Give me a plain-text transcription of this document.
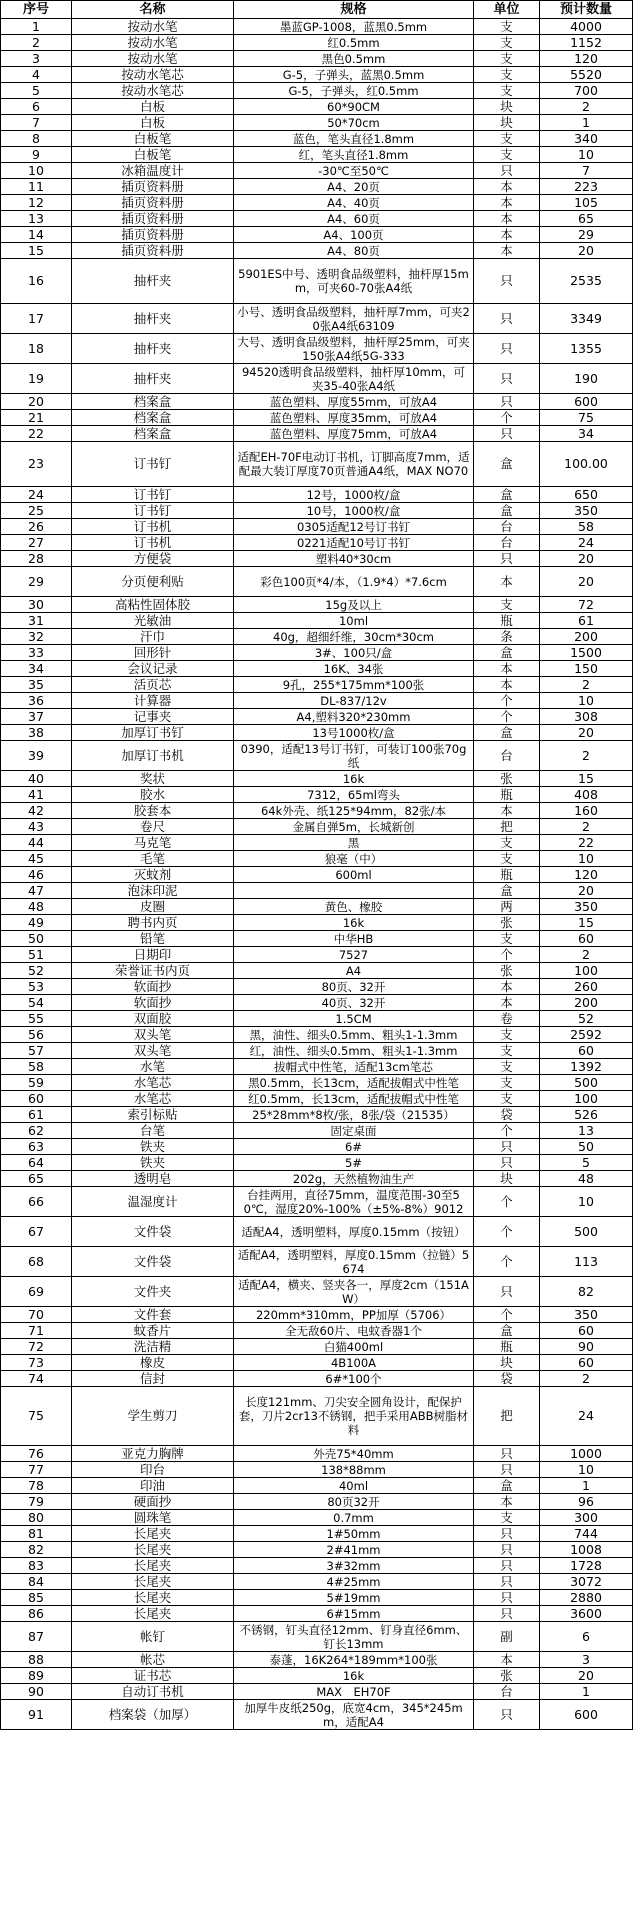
序号	名称	规格	单位	预计数量
1	按动水笔	墨蓝GP-1008，蓝黑0.5mm	支	4000
2	按动水笔	红0.5mm	支	1152
3	按动水笔	黑色0.5mm	支	120
4	按动水笔芯	G-5，子弹头，蓝黑0.5mm	支	5520
5	按动水笔芯	G-5，子弹头，红0.5mm	支	700
6	白板	60*90CM	块	2
7	白板	50*70cm	块	1
8	白板笔	蓝色，笔头直径1.8mm	支	340
9	白板笔	红，笔头直径1.8mm	支	10
10	冰箱温度计	-30℃至50℃	只	7
11	插页资料册	A4、20页	本	223
12	插页资料册	A4、40页	本	105
13	插页资料册	A4、60页	本	65
14	插页资料册	A4、100页	本	29
15	插页资料册	A4、80页	本	20
16	抽杆夹	5901ES中号、透明食品级塑料，抽杆厚15mm，可夹60-70张A4纸	只	2535
17	抽杆夹	小号、透明食品级塑料，抽杆厚7mm，可夹20张A4纸63109	只	3349
18	抽杆夹	大号、透明食品级塑料，抽杆厚25mm，可夹150张A4纸5G-333	只	1355
19	抽杆夹	94520透明食品级塑料，抽杆厚10mm，可夹35-40张A4纸	只	190
20	档案盒	蓝色塑料、厚度55mm，可放A4	只	600
21	档案盒	蓝色塑料、厚度35mm，可放A4	个	75
22	档案盒	蓝色塑料、厚度75mm，可放A4	只	34
23	订书钉	适配EH-70F电动订书机，订脚高度7mm，适配最大装订厚度70页普通A4纸，MAX NO70	盒	100.00
24	订书钉	12号，1000枚/盒	盒	650
25	订书钉	10号，1000枚/盒	盒	350
26	订书机	0305适配12号订书钉	台	58
27	订书机	0221适配10号订书钉	台	24
28	方便袋	塑料40*30cm	只	20
29	分页便利贴	彩色100页*4/本，（1.9*4）*7.6cm	本	20
30	高粘性固体胶	15g及以上	支	72
31	光敏油	10ml	瓶	61
32	汗巾	40g，超细纤维，30cm*30cm	条	200
33	回形针	3#、100只/盒	盒	1500
34	会议记录	16K、34张	本	150
35	活页芯	9孔，255*175mm*100张	本	2
36	计算器	DL-837/12v	个	10
37	记事夹	A4,塑料320*230mm	个	308
38	加厚订书钉	13号1000枚/盒	盒	20
39	加厚订书机	0390，适配13号订书钉，可装订100张70g纸	台	2
40	奖状	16k	张	15
41	胶水	7312，65ml弯头	瓶	408
42	胶套本	64k外壳、纸125*94mm，82张/本	本	160
43	卷尺	金属自弹5m，长城新创	把	2
44	马克笔	黑	支	22
45	毛笔	狼毫（中）	支	10
46	灭蚊剂	600ml	瓶	120
47	泡沫印泥		盒	20
48	皮圈	黄色、橡胶	两	350
49	聘书内页	16k	张	15
50	铅笔	中华HB	支	60
51	日期印	7527	个	2
52	荣誉证书内页	A4	张	100
53	软面抄	80页、32开	本	260
54	软面抄	40页、32开	本	200
55	双面胶	1.5CM	卷	52
56	双头笔	黑，油性、细头0.5mm、粗头1-1.3mm	支	2592
57	双头笔	红，油性、细头0.5mm、粗头1-1.3mm	支	60
58	水笔	拔帽式中性笔，适配13cm笔芯	支	1392
59	水笔芯	黑0.5mm，长13cm，适配拔帽式中性笔	支	500
60	水笔芯	红0.5mm，长13cm，适配拔帽式中性笔	支	100
61	索引标贴	25*28mm*8枚/张，8张/袋（21535）	袋	526
62	台笔	固定桌面	个	13
63	铁夹	6#	只	50
64	铁夹	5#	只	5
65	透明皂	202g，天然植物油生产	块	48
66	温湿度计	台挂两用，直径75mm，温度范围-30至50℃，湿度20%-100%（±5%-8%）9012	个	10
67	文件袋	适配A4，透明塑料，厚度0.15mm（按钮）	个	500
68	文件袋	适配A4，透明塑料，厚度0.15mm（拉链）5674	个	113
69	文件夹	适配A4，横夹、竖夹各一，厚度2cm（151AW）	只	82
70	文件套	220mm*310mm，PP加厚（5706）	个	350
71	蚊香片	全无敌60片、电蚊香器1个	盒	60
72	洗洁精	白猫400ml	瓶	90
73	橡皮	4B100A	块	60
74	信封	6#*100个	袋	2
75	学生剪刀	长度121mm、刀尖安全圆角设计，配保护套，刀片2cr13不锈钢，把手采用ABB树脂材料	把	24
76	亚克力胸牌	外壳75*40mm	只	1000
77	印台	138*88mm	只	10
78	印油	40ml	盒	1
79	硬面抄	80页32开	本	96
80	圆珠笔	0.7mm	支	300
81	长尾夹	1#50mm	只	744
82	长尾夹	2#41mm	只	1008
83	长尾夹	3#32mm	只	1728
84	长尾夹	4#25mm	只	3072
85	长尾夹	5#19mm	只	2880
86	长尾夹	6#15mm	只	3600
87	帐钉	不锈钢，钉头直径12mm、钉身直径6mm、钉长13mm	副	6
88	帐芯	泰蓬，16K264*189mm*100张	本	3
89	证书芯	16k	张	20
90	自动订书机	MAX　EH70F	台	1
91	档案袋（加厚）	加厚牛皮纸250g，底宽4cm，345*245mm，适配A4	只	600
